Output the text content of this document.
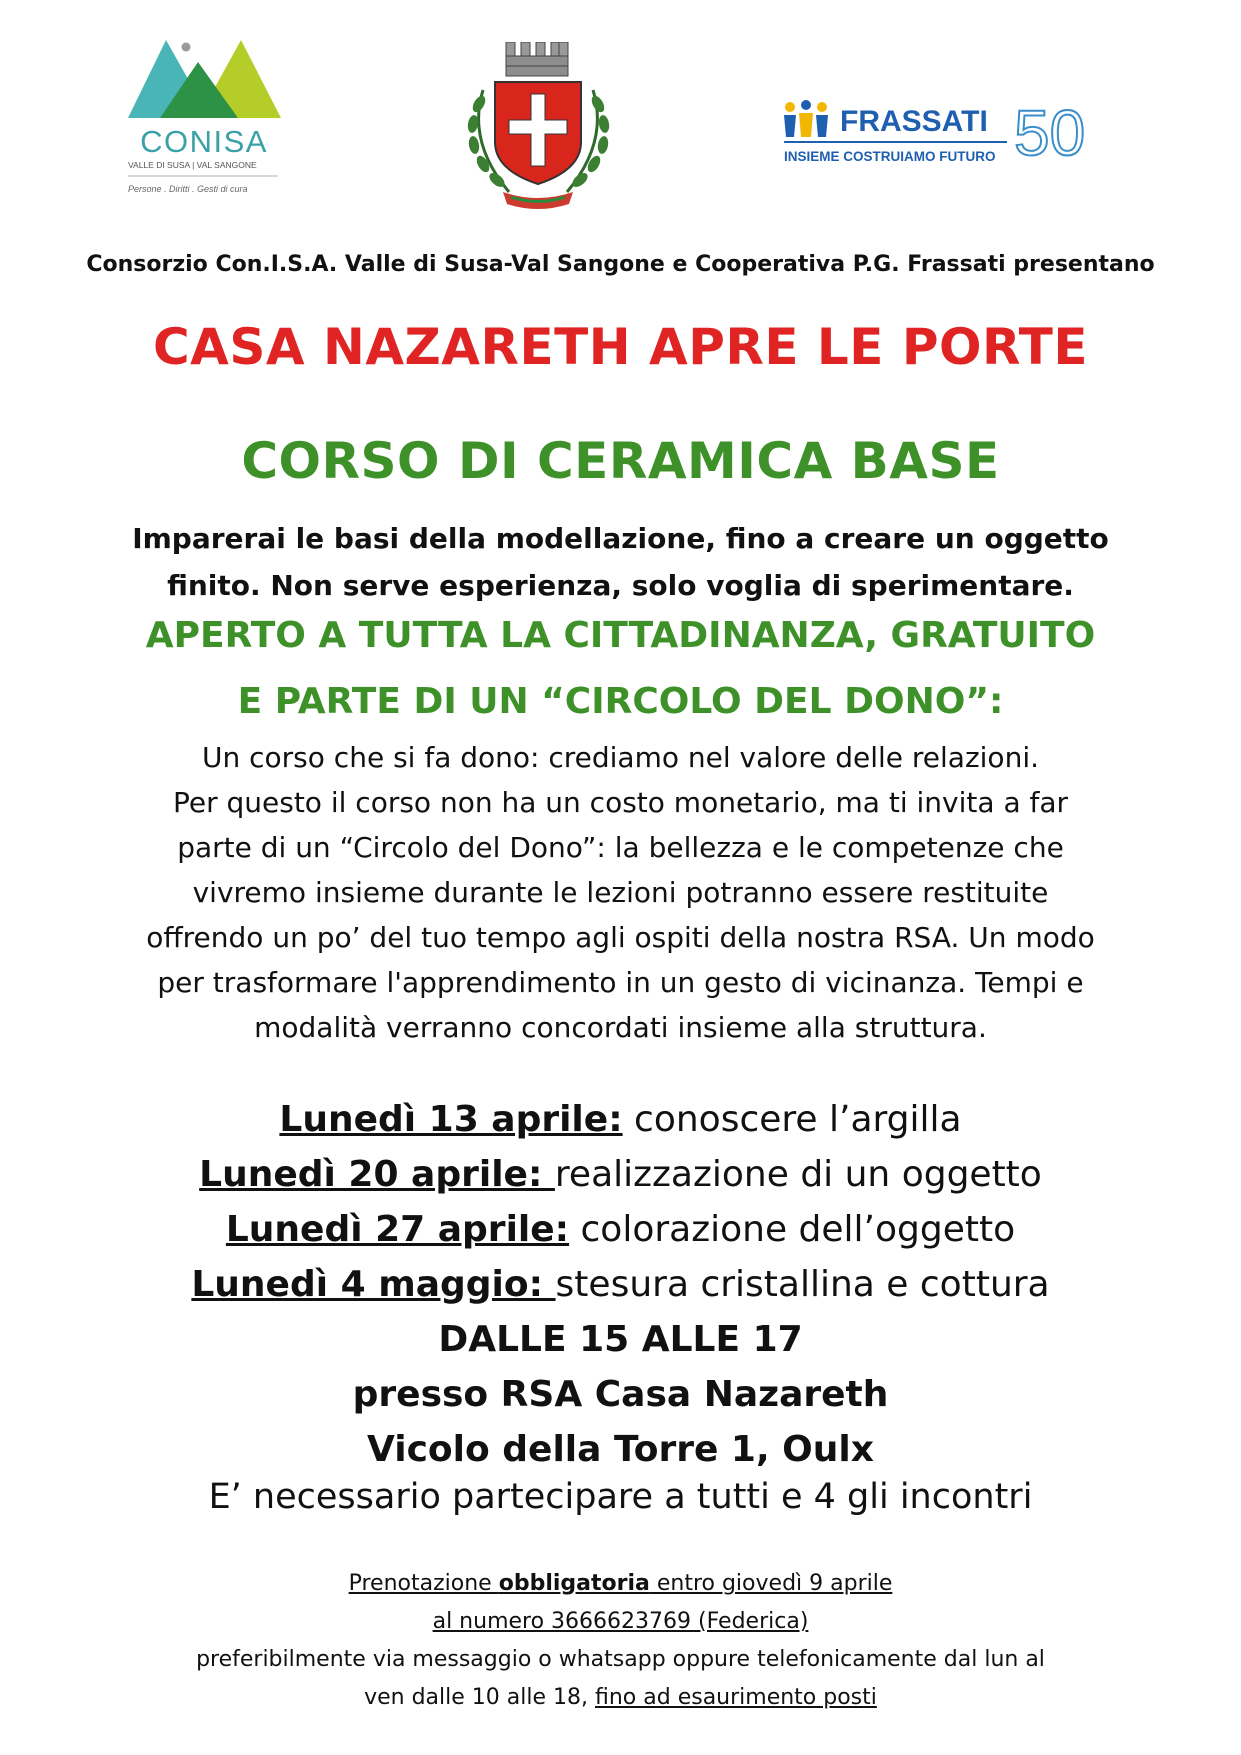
CONISA
VALLE DI SUSA | VAL SANGONE
Persone . Diritti . Gesti di cura
FRASSATI
INSIEME COSTRUIAMO FUTURO 50
Consorzio Con.I.S.A. Valle di Susa-Val Sangone e Cooperativa P.G. Frassati presentano
CASA NAZARETH APRE LE PORTE
CORSO DI CERAMICA BASE
Imparerai le basi della modellazione, fino a creare un oggetto
finito. Non serve esperienza, solo voglia di sperimentare.
APERTO A TUTTA LA CITTADINANZA, GRATUITO
E PARTE DI UN “CIRCOLO DEL DONO”:
Un corso che si fa dono: crediamo nel valore delle relazioni.
Per questo il corso non ha un costo monetario, ma ti invita a far
parte di un “Circolo del Dono”: la bellezza e le competenze che
vivremo insieme durante le lezioni potranno essere restituite
offrendo un po’ del tuo tempo agli ospiti della nostra RSA. Un modo
per trasformare l'apprendimento in un gesto di vicinanza. Tempi e
modalità verranno concordati insieme alla struttura.
Lunedì 13 aprile: conoscere l’argilla
Lunedì 20 aprile: realizzazione di un oggetto
Lunedì 27 aprile: colorazione dell’oggetto
Lunedì 4 maggio: stesura cristallina e cottura
DALLE 15 ALLE 17
presso RSA Casa Nazareth
Vicolo della Torre 1, Oulx
E’ necessario partecipare a tutti e 4 gli incontri
Prenotazione obbligatoria entro giovedì 9 aprile
al numero 3666623769 (Federica)
preferibilmente via messaggio o whatsapp oppure telefonicamente dal lun al
ven dalle 10 alle 18, fino ad esaurimento posti
